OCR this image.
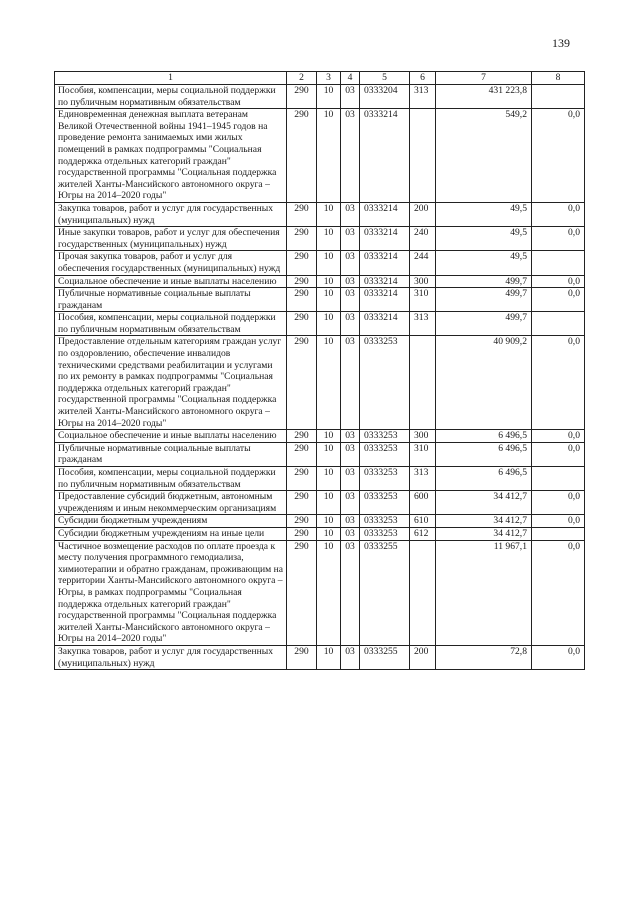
139
1	2	3	4	5	6	7	8
Пособия, компенсации, меры социальной поддержки по публичным нормативным обязательствам	290	10	03	0333204	313	431 223,8	
Единовременная денежная выплата ветеранам Великой Отечественной войны 1941–1945 годов на проведение ремонта занимаемых ими жилых помещений в рамках подпрограммы "Социальная поддержка отдельных категорий граждан" государственной программы "Социальная поддержка жителей Ханты-Мансийского автономного округа – Югры на 2014–2020 годы"	290	10	03	0333214		549,2	0,0
Закупка товаров, работ и услуг для государственных (муниципальных) нужд	290	10	03	0333214	200	49,5	0,0
Иные закупки товаров, работ и услуг для обеспечения государственных (муниципальных) нужд	290	10	03	0333214	240	49,5	0,0
Прочая закупка товаров, работ и услуг для обеспечения государственных (муниципальных) нужд	290	10	03	0333214	244	49,5	
Социальное обеспечение и иные выплаты населению	290	10	03	0333214	300	499,7	0,0
Публичные нормативные социальные выплаты гражданам	290	10	03	0333214	310	499,7	0,0
Пособия, компенсации, меры социальной поддержки по публичным нормативным обязательствам	290	10	03	0333214	313	499,7	
Предоставление отдельным категориям граждан услуг по оздоровлению, обеспечение инвалидов техническими средствами реабилитации и услугами по их ремонту в рамках подпрограммы "Социальная поддержка отдельных категорий граждан" государственной программы "Социальная поддержка жителей Ханты-Мансийского автономного округа – Югры на 2014–2020 годы"	290	10	03	0333253		40 909,2	0,0
Социальное обеспечение и иные выплаты населению	290	10	03	0333253	300	6 496,5	0,0
Публичные нормативные социальные выплаты гражданам	290	10	03	0333253	310	6 496,5	0,0
Пособия, компенсации, меры социальной поддержки по публичным нормативным обязательствам	290	10	03	0333253	313	6 496,5	
Предоставление субсидий бюджетным, автономным учреждениям и иным некоммерческим организациям	290	10	03	0333253	600	34 412,7	0,0
Субсидии бюджетным учреждениям	290	10	03	0333253	610	34 412,7	0,0
Субсидии бюджетным учреждениям на иные цели	290	10	03	0333253	612	34 412,7	
Частичное возмещение расходов по оплате проезда к месту получения программного гемодиализа, химиотерапии и обратно гражданам, проживающим на территории Ханты-Мансийского автономного округа – Югры, в рамках подпрограммы "Социальная поддержка отдельных категорий граждан" государственной программы "Социальная поддержка жителей Ханты-Мансийского автономного округа – Югры на 2014–2020 годы"	290	10	03	0333255		11 967,1	0,0
Закупка товаров, работ и услуг для государственных (муниципальных) нужд	290	10	03	0333255	200	72,8	0,0
